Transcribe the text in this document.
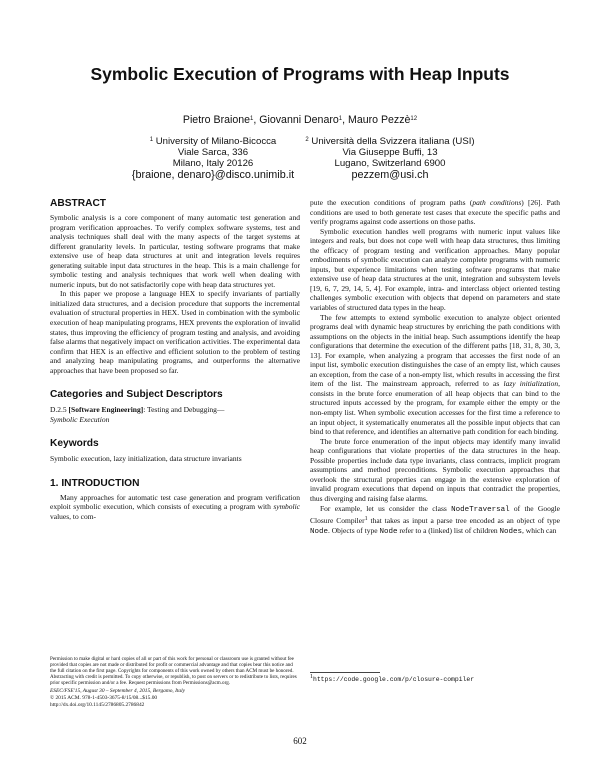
Symbolic Execution of Programs with Heap Inputs
Pietro Braione$^1$, Giovanni Denaro$^1$, Mauro Pezzè$^{12}$
$^1$ University of Milano-Bicocca
Viale Sarca, 336
Milano, Italy 20126
{braione, denaro}@disco.unimib.it
$^2$ Università della Svizzera italiana (USI)
Via Giuseppe Buffi, 13
Lugano, Switzerland 6900
pezzem@usi.ch
ABSTRACT

Symbolic analysis is a core component of many automatic test generation and program verification approaches. To verify complex software systems, test and analysis techniques shall deal with the many aspects of the target systems at different granularity levels. In particular, testing software programs that make extensive use of heap data structures at unit and integration levels requires generating suitable input data structures in the heap. This is a main challenge for symbolic testing and analysis techniques that work well when dealing with numeric inputs, but do not satisfactorily cope with heap data structures yet.

In this paper we propose a language HEX to specify invariants of partially initialized data structures, and a decision procedure that supports the incremental evaluation of structural properties in HEX. Used in combination with the symbolic execution of heap manipulating programs, HEX prevents the exploration of invalid states, thus improving the efficiency of program testing and analysis, and avoiding false alarms that negatively impact on verification activities. The experimental data confirm that HEX is an effective and efficient solution to the problem of testing and analyzing heap manipulating programs, and outperforms the alternative approaches that have been proposed so far.

Categories and Subject Descriptors

D.2.5 [Software Engineering]: Testing and Debugging—
Symbolic Execution

Keywords

Symbolic execution, lazy initialization, data structure invariants

1. INTRODUCTION

Many approaches for automatic test case generation and program verification exploit symbolic execution, which consists of executing a program with symbolic values, to com-

pute the execution conditions of program paths (path conditions) [26]. Path conditions are used to both generate test cases that execute the specific paths and verify programs against code assertions on those paths.

Symbolic execution handles well programs with numeric input values like integers and reals, but does not cope well with heap data structures, thus limiting the efficacy of program testing and verification approaches. Many popular embodiments of symbolic execution can analyze complete programs with numeric inputs, but experience limitations when testing software programs that make extensive use of heap data structures at the unit, integration and subsystem levels [19, 6, 7, 29, 14, 5, 4]. For example, intra- and interclass object oriented testing challenges symbolic execution with objects that depend on parameters and state variables of structured data types in the heap.

The few attempts to extend symbolic execution to analyze object oriented programs deal with dynamic heap structures by enriching the path conditions with assumptions on the objects in the initial heap. Such assumptions identify the heap configurations that determine the execution of the different paths [18, 31, 8, 30, 3, 13]. For example, when analyzing a program that accesses the first node of an input list, symbolic execution distinguishes the case of an empty list, which causes an exception, from the case of a non-empty list, which results in accessing the first item of the list. The mainstream approach, referred to as lazy initialization, consists in the brute force enumeration of all heap objects that can bind to the structured inputs accessed by the program, for example either the empty or the non-empty list. When symbolic execution accesses for the first time a reference to an input object, it systematically enumerates all the possible input objects that can bind to that reference, and identifies an alternative path condition for each binding.

The brute force enumeration of the input objects may identify many invalid heap configurations that violate properties of the data structures in the heap. Possible properties include data type invariants, class contracts, implicit program assumptions and method preconditions. Symbolic execution approaches that overlook the structural properties can engage in the extensive exploration of invalid program executions that depend on inputs that contradict the properties, thus diverging and raising false alarms.

For example, let us consider the class NodeTraversal of the Google Closure Compiler$^1$ that takes as input a parse tree encoded as an object of type Node. Objects of type Node refer to a (linked) list of children Nodes, which can

Permission to make digital or hard copies of all or part of this work for personal or classroom use is granted without fee provided that copies are not made or distributed for profit or commercial advantage and that copies bear this notice and the full citation on the first page. Copyrights for components of this work owned by others than ACM must be honored. Abstracting with credit is permitted. To copy otherwise, or republish, to post on servers or to redistribute to lists, requires prior specific permission and/or a fee. Request permissions from Permissions@acm.org.
ESEC/FSE'15, August 30 – September 4, 2015, Bergamo, Italy
© 2015 ACM. 978-1-4503-3675-8/15/08...$15.00
http://dx.doi.org/10.1145/2786805.2786842
$^1$https://code.google.com/p/closure-compiler
602
